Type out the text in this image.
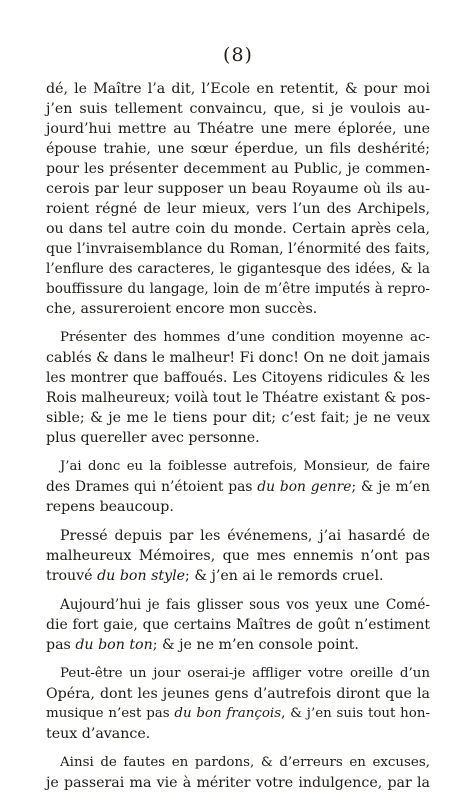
(8)
dé, le Maître l’a dit, l’Ecole en retentit, & pour moi
j’en suis tellement convaincu, que, si je voulois au-
jourd’hui mettre au Théatre une mere éplorée, une
épouse trahie, une sœur éperdue, un fils deshérité;
pour les présenter decemment au Public, je commen-
cerois par leur supposer un beau Royaume où ils au-
roient régné de leur mieux, vers l’un des Archipels,
ou dans tel autre coin du monde. Certain après cela,
que l’invraisemblance du Roman, l’énormité des faits,
l’enflure des caracteres, le gigantesque des idées, & la
bouffissure du langage, loin de m’être imputés à repro-
che, assureroient encore mon succès.
Présenter des hommes d’une condition moyenne ac-
cablés & dans le malheur! Fi donc! On ne doit jamais
les montrer que baffoués. Les Citoyens ridicules & les
Rois malheureux; voilà tout le Théatre existant & pos-
sible; & je me le tiens pour dit; c’est fait; je ne veux
plus quereller avec personne.
J’ai donc eu la foiblesse autrefois, Monsieur, de faire
des Drames qui n’étoient pas du bon genre; & je m’en
repens beaucoup.
Pressé depuis par les événemens, j’ai hasardé de
malheureux Mémoires, que mes ennemis n’ont pas
trouvé du bon style; & j’en ai le remords cruel.
Aujourd’hui je fais glisser sous vos yeux une Comé-
die fort gaie, que certains Maîtres de goût n’estiment
pas du bon ton; & je ne m’en console point.
Peut-être un jour oserai-je affliger votre oreille d’un
Opéra, dont les jeunes gens d’autrefois diront que la
musique n’est pas du bon françois, & j’en suis tout hon-
teux d’avance.
Ainsi de fautes en pardons, & d’erreurs en excuses,
je passerai ma vie à mériter votre indulgence, par la
